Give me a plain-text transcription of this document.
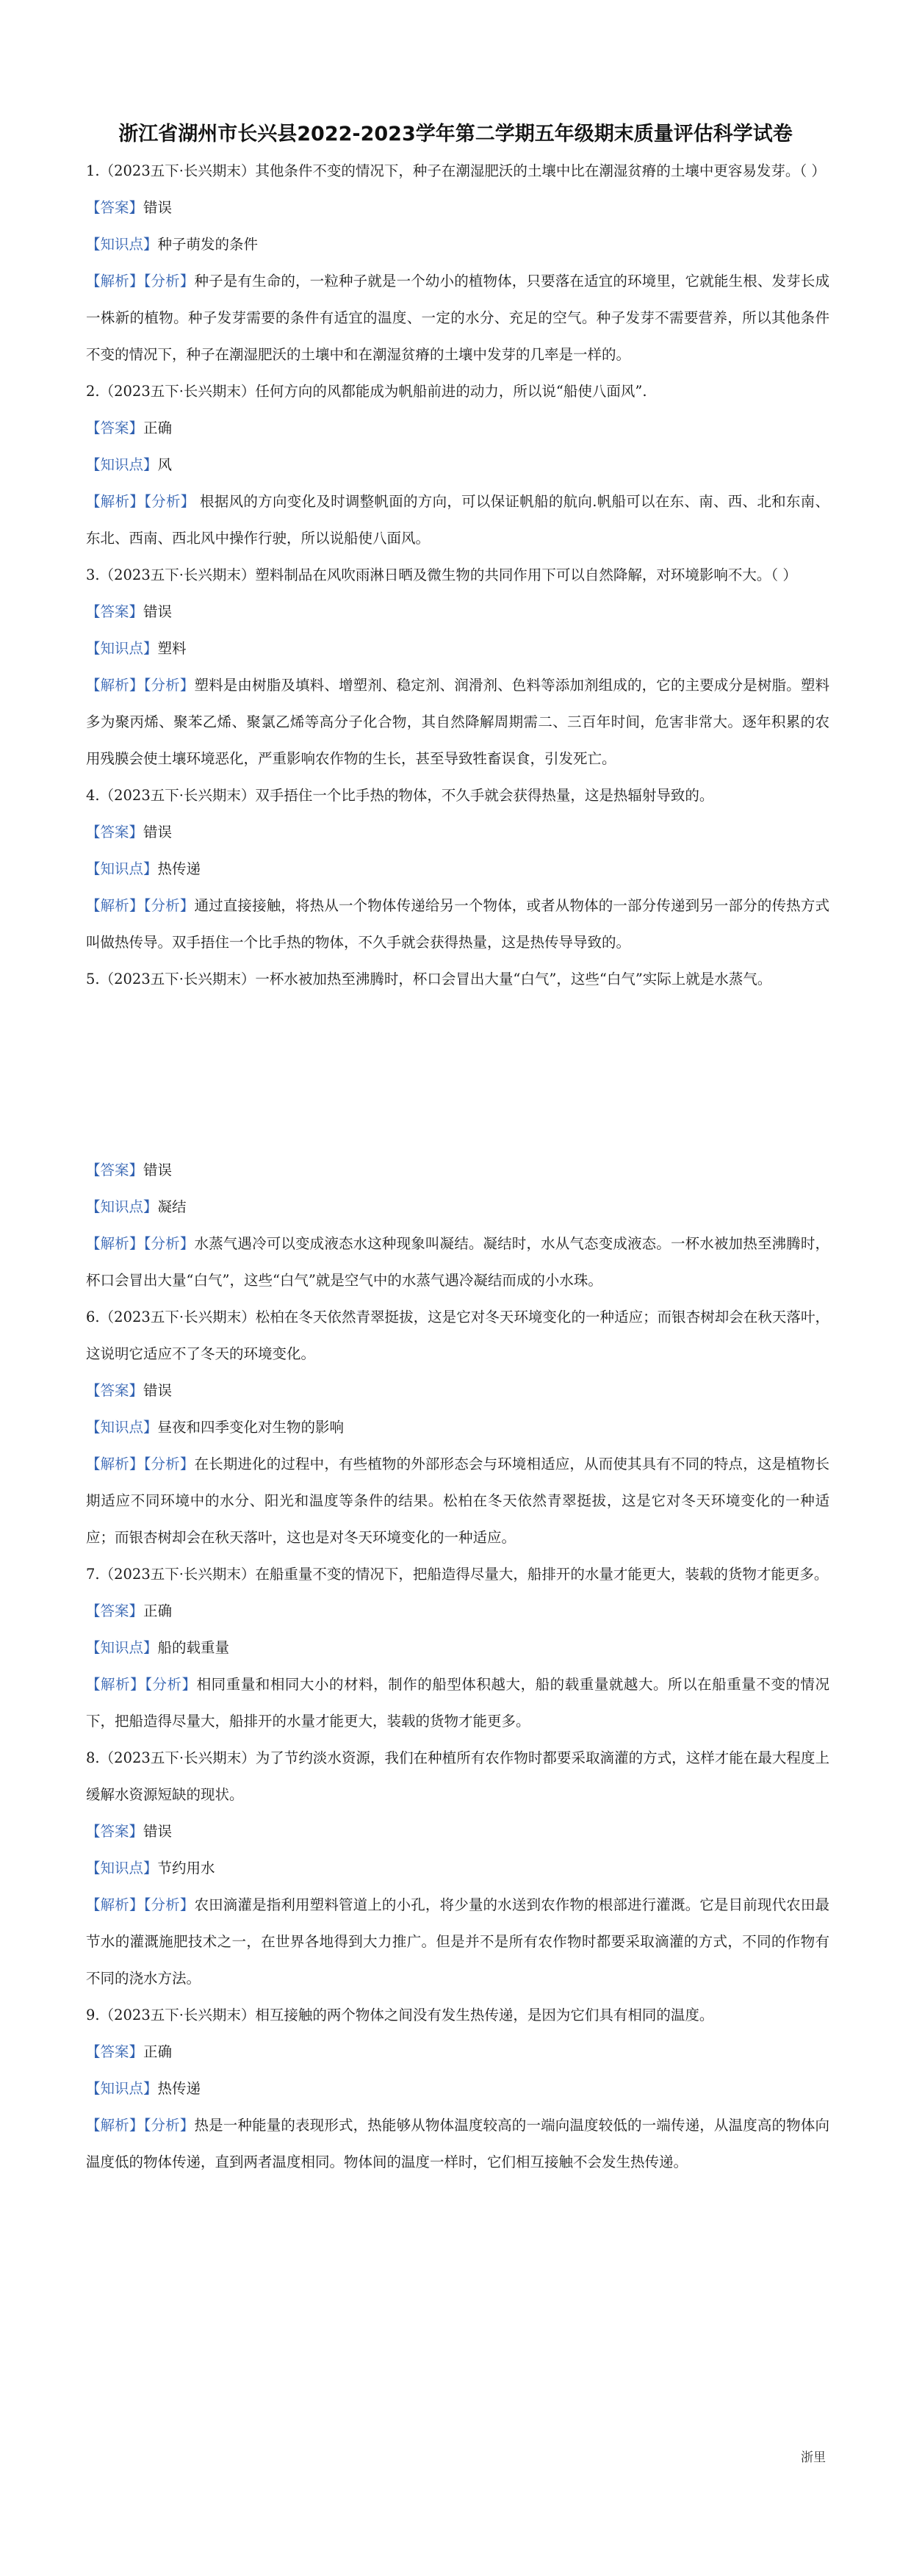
浙江省湖州市长兴县2022-2023学年第二学期五年级期末质量评估科学试卷
1.（2023五下·长兴期末）其他条件不变的情况下，种子在潮湿肥沃的土壤中比在潮湿贫瘠的土壤中更容易发芽。（ ）
【答案】错误
【知识点】种子萌发的条件
【解析】【分析】种子是有生命的，一粒种子就是一个幼小的植物体，只要落在适宜的环境里，它就能生根、发芽长成一株新的植物。种子发芽需要的条件有适宜的温度、一定的水分、充足的空气。种子发芽不需要营养，所以其他条件不变的情况下，种子在潮湿肥沃的土壤中和在潮湿贫瘠的土壤中发芽的几率是一样的。
2.（2023五下·长兴期末）任何方向的风都能成为帆船前进的动力，所以说“船使八面风”.
【答案】正确
【知识点】风
【解析】【分析】 根据风的方向变化及时调整帆面的方向，可以保证帆船的航向.帆船可以在东、南、西、北和东南、东北、西南、西北风中操作行驶，所以说船使八面风。
3.（2023五下·长兴期末）塑料制品在风吹雨淋日晒及微生物的共同作用下可以自然降解，对环境影响不大。（ ）
【答案】错误
【知识点】塑料
【解析】【分析】塑料是由树脂及填料、增塑剂、稳定剂、润滑剂、色料等添加剂组成的，它的主要成分是树脂。塑料多为聚丙烯、聚苯乙烯、聚氯乙烯等高分子化合物，其自然降解周期需二、三百年时间，危害非常大。逐年积累的农用残膜会使土壤环境恶化，严重影响农作物的生长，甚至导致牲畜误食，引发死亡。
4.（2023五下·长兴期末）双手捂住一个比手热的物体，不久手就会获得热量，这是热辐射导致的。
【答案】错误
【知识点】热传递
【解析】【分析】通过直接接触，将热从一个物体传递给另一个物体，或者从物体的一部分传递到另一部分的传热方式叫做热传导。双手捂住一个比手热的物体，不久手就会获得热量，这是热传导导致的。
5.（2023五下·长兴期末）一杯水被加热至沸腾时，杯口会冒出大量“白气”，这些“白气”实际上就是水蒸气。
【答案】错误
【知识点】凝结
【解析】【分析】水蒸气遇冷可以变成液态水这种现象叫凝结。凝结时，水从气态变成液态。一杯水被加热至沸腾时，杯口会冒出大量“白气”，这些“白气”就是空气中的水蒸气遇冷凝结而成的小水珠。
6.（2023五下·长兴期末）松柏在冬天依然青翠挺拔，这是它对冬天环境变化的一种适应；而银杏树却会在秋天落叶，这说明它适应不了冬天的环境变化。
【答案】错误
【知识点】昼夜和四季变化对生物的影响
【解析】【分析】在长期进化的过程中，有些植物的外部形态会与环境相适应，从而使其具有不同的特点，这是植物长期适应不同环境中的水分、阳光和温度等条件的结果。松柏在冬天依然青翠挺拔，这是它对冬天环境变化的一种适应；而银杏树却会在秋天落叶，这也是对冬天环境变化的一种适应。
7.（2023五下·长兴期末）在船重量不变的情况下，把船造得尽量大，船排开的水量才能更大，装载的货物才能更多。
【答案】正确
【知识点】船的载重量
【解析】【分析】相同重量和相同大小的材料，制作的船型体积越大，船的载重量就越大。所以在船重量不变的情况下，把船造得尽量大，船排开的水量才能更大，装载的货物才能更多。
8.（2023五下·长兴期末）为了节约淡水资源，我们在种植所有农作物时都要采取滴灌的方式，这样才能在最大程度上缓解水资源短缺的现状。
【答案】错误
【知识点】节约用水
【解析】【分析】农田滴灌是指利用塑料管道上的小孔，将少量的水送到农作物的根部进行灌溉。它是目前现代农田最节水的灌溉施肥技术之一，在世界各地得到大力推广。但是并不是所有农作物时都要采取滴灌的方式，不同的作物有不同的浇水方法。
9.（2023五下·长兴期末）相互接触的两个物体之间没有发生热传递，是因为它们具有相同的温度。
【答案】正确
【知识点】热传递
【解析】【分析】热是一种能量的表现形式，热能够从物体温度较高的一端向温度较低的一端传递，从温度高的物体向温度低的物体传递，直到两者温度相同。物体间的温度一样时，它们相互接触不会发生热传递。
浙里
